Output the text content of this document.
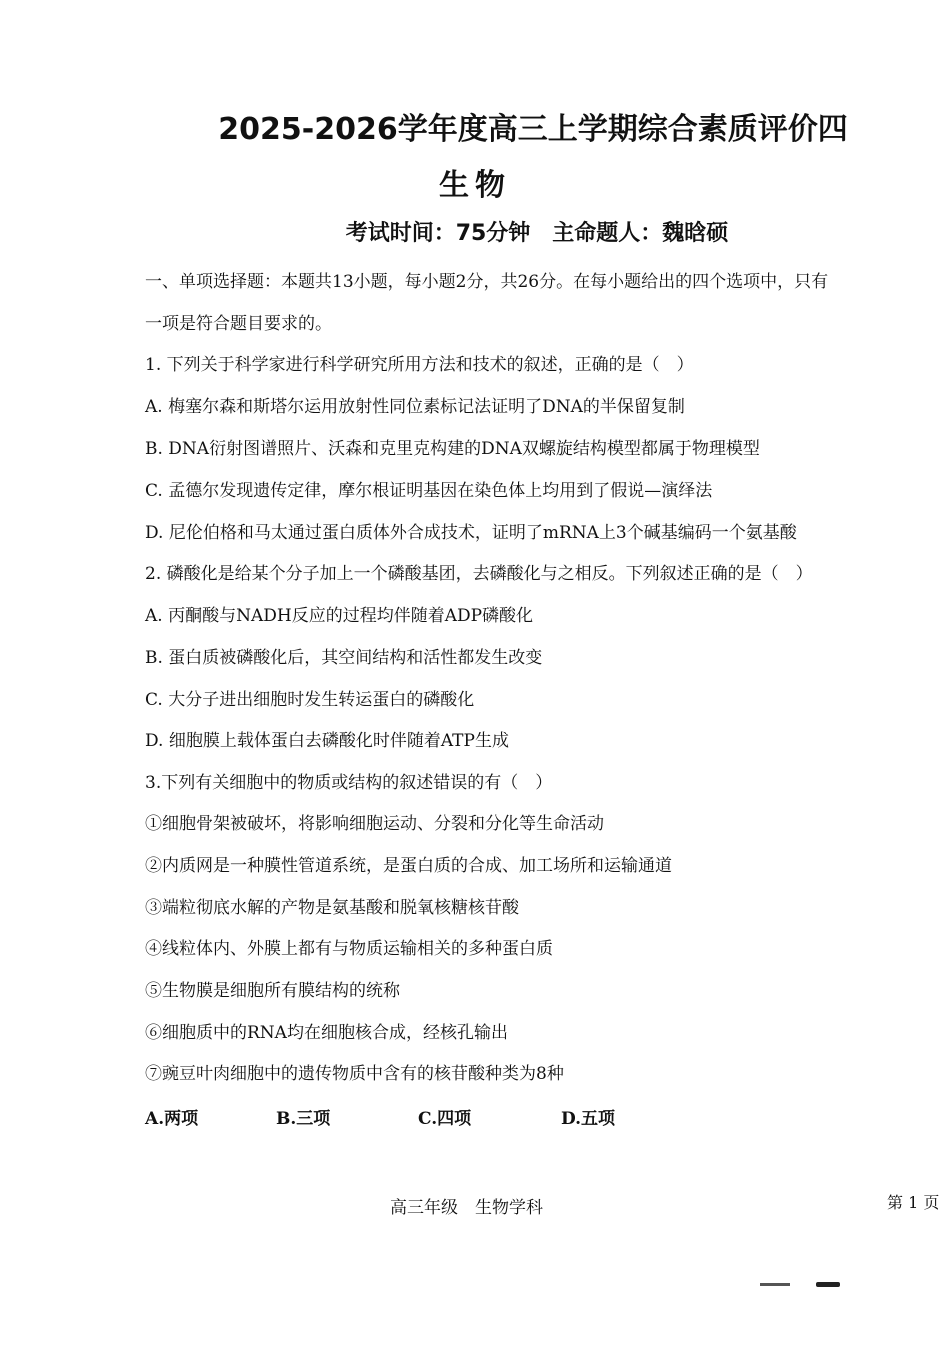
2025-2026学年度高三上学期综合素质评价四
生物
考试时间：75分钟　主命题人：魏晗硕
一、单项选择题：本题共13小题，每小题2分，共26分。在每小题给出的四个选项中，只有
一项是符合题目要求的。
1. 下列关于科学家进行科学研究所用方法和技术的叙述，正确的是（　）
A. 梅塞尔森和斯塔尔运用放射性同位素标记法证明了DNA的半保留复制
B. DNA衍射图谱照片、沃森和克里克构建的DNA双螺旋结构模型都属于物理模型
C. 孟德尔发现遗传定律，摩尔根证明基因在染色体上均用到了假说—演绎法
D. 尼伦伯格和马太通过蛋白质体外合成技术，证明了mRNA上3个碱基编码一个氨基酸
2. 磷酸化是给某个分子加上一个磷酸基团，去磷酸化与之相反。下列叙述正确的是（　）
A. 丙酮酸与NADH反应的过程均伴随着ADP磷酸化
B. 蛋白质被磷酸化后，其空间结构和活性都发生改变
C. 大分子进出细胞时发生转运蛋白的磷酸化
D. 细胞膜上载体蛋白去磷酸化时伴随着ATP生成
3.下列有关细胞中的物质或结构的叙述错误的有（　）
①细胞骨架被破坏，将影响细胞运动、分裂和分化等生命活动
②内质网是一种膜性管道系统，是蛋白质的合成、加工场所和运输通道
③端粒彻底水解的产物是氨基酸和脱氧核糖核苷酸
④线粒体内、外膜上都有与物质运输相关的多种蛋白质
⑤生物膜是细胞所有膜结构的统称
⑥细胞质中的RNA均在细胞核合成，经核孔输出
⑦豌豆叶肉细胞中的遗传物质中含有的核苷酸种类为8种
A.两项	B.三项	C.四项	D.五项
高三年级　生物学科	第 1 页
